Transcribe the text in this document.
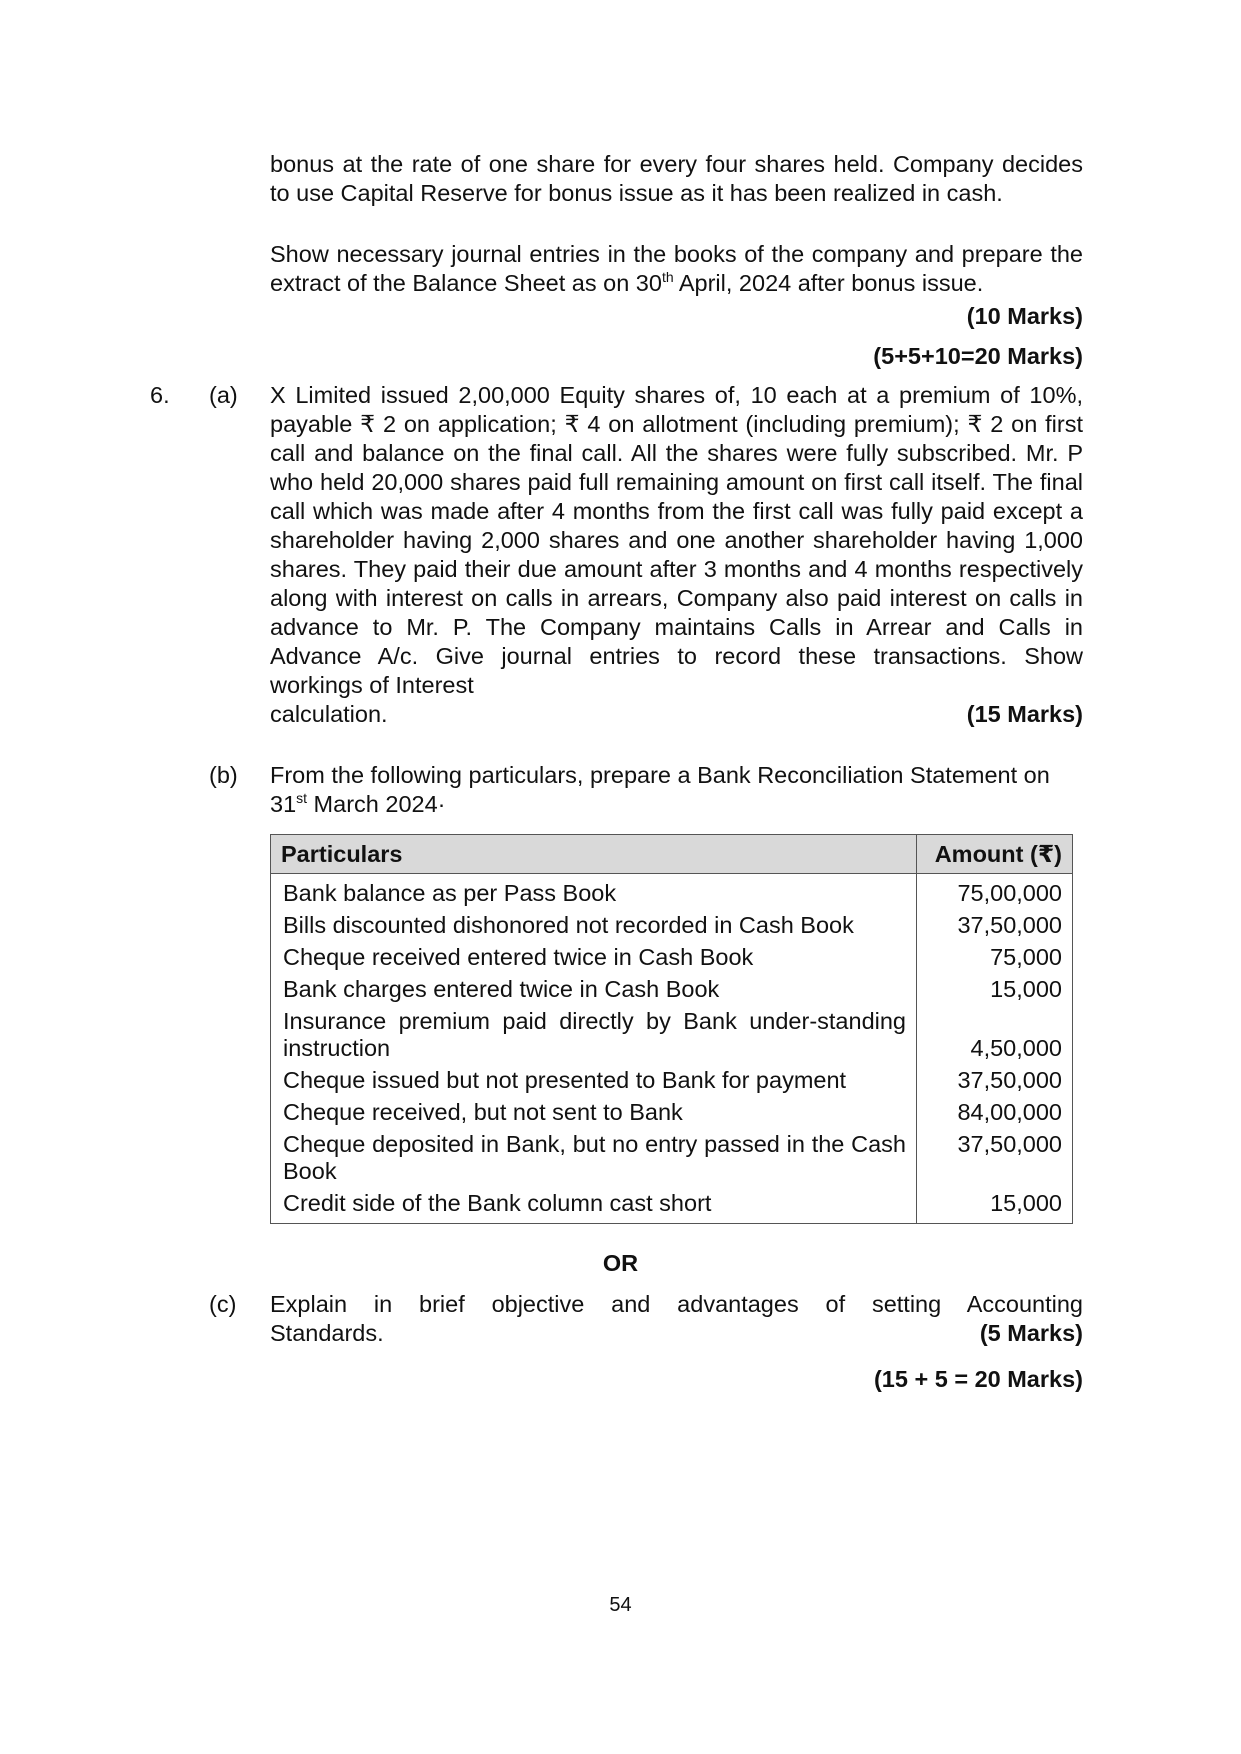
bonus at the rate of one share for every four shares held. Company decides to use Capital Reserve for bonus issue as it has been realized in cash.
Show necessary journal entries in the books of the company and prepare the extract of the Balance Sheet as on 30th April, 2024 after bonus issue.
(10 Marks)
(5+5+10=20 Marks)
6. (a) X Limited issued 2,00,000 Equity shares of, 10 each at a premium of 10%, payable ₹ 2 on application; ₹ 4 on allotment (including premium); ₹ 2 on first call and balance on the final call. All the shares were fully subscribed. Mr. P who held 20,000 shares paid full remaining amount on first call itself. The final call which was made after 4 months from the first call was fully paid except a shareholder having 2,000 shares and one another shareholder having 1,000 shares. They paid their due amount after 3 months and 4 months respectively along with interest on calls in arrears, Company also paid interest on calls in advance to Mr. P. The Company maintains Calls in Arrear and Calls in Advance A/c. Give journal entries to record these transactions. Show workings of Interest
calculation.	(15 Marks)
(b) From the following particulars, prepare a Bank Reconciliation Statement on 31st March 2024·
Particulars	Amount (₹)
Bank balance as per Pass Book	75,00,000
Bills discounted dishonored not recorded in Cash Book	37,50,000
Cheque received entered twice in Cash Book	75,000
Bank charges entered twice in Cash Book	15,000
Insurance premium paid directly by Bank under-standing instruction	4,50,000
Cheque issued but not presented to Bank for payment	37,50,000
Cheque received, but not sent to Bank	84,00,000
Cheque deposited in Bank, but no entry passed in the Cash Book	37,50,000
Credit side of the Bank column cast short	15,000
OR
(c) Explain in brief objective and advantages of setting Accounting
Standards.	(5 Marks)
(15 + 5 = 20 Marks)
54
